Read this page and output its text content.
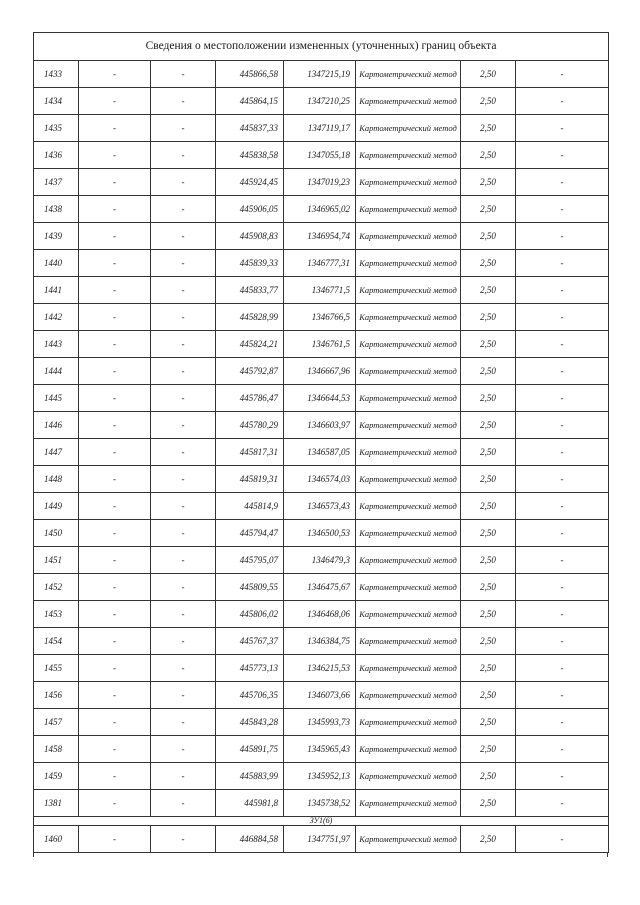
Сведения о местоположении измененных (уточненных) границ объекта							
1433	-	-	445866,58	1347215,19	Картометрический метод	2,50	-
1434	-	-	445864,15	1347210,25	Картометрический метод	2,50	-
1435	-	-	445837,33	1347119,17	Картометрический метод	2,50	-
1436	-	-	445838,58	1347055,18	Картометрический метод	2,50	-
1437	-	-	445924,45	1347019,23	Картометрический метод	2,50	-
1438	-	-	445906,05	1346965,02	Картометрический метод	2,50	-
1439	-	-	445908,83	1346954,74	Картометрический метод	2,50	-
1440	-	-	445839,33	1346777,31	Картометрический метод	2,50	-
1441	-	-	445833,77	1346771,5	Картометрический метод	2,50	-
1442	-	-	445828,99	1346766,5	Картометрический метод	2,50	-
1443	-	-	445824,21	1346761,5	Картометрический метод	2,50	-
1444	-	-	445792,87	1346667,96	Картометрический метод	2,50	-
1445	-	-	445786,47	1346644,53	Картометрический метод	2,50	-
1446	-	-	445780,29	1346603,97	Картометрический метод	2,50	-
1447	-	-	445817,31	1346587,05	Картометрический метод	2,50	-
1448	-	-	445819,31	1346574,03	Картометрический метод	2,50	-
1449	-	-	445814,9	1346573,43	Картометрический метод	2,50	-
1450	-	-	445794,47	1346500,53	Картометрический метод	2,50	-
1451	-	-	445795,07	1346479,3	Картометрический метод	2,50	-
1452	-	-	445809,55	1346475,67	Картометрический метод	2,50	-
1453	-	-	445806,02	1346468,06	Картометрический метод	2,50	-
1454	-	-	445767,37	1346384,75	Картометрический метод	2,50	-
1455	-	-	445773,13	1346215,53	Картометрический метод	2,50	-
1456	-	-	445706,35	1346073,66	Картометрический метод	2,50	-
1457	-	-	445843,28	1345993,73	Картометрический метод	2,50	-
1458	-	-	445891,75	1345965,43	Картометрический метод	2,50	-
1459	-	-	445883,99	1345952,13	Картометрический метод	2,50	-
1381	-	-	445981,8	1345738,52	Картометрический метод	2,50	-
ЗУ1(6)							
1460	-	-	446884,58	1347751,97	Картометрический метод	2,50	-
